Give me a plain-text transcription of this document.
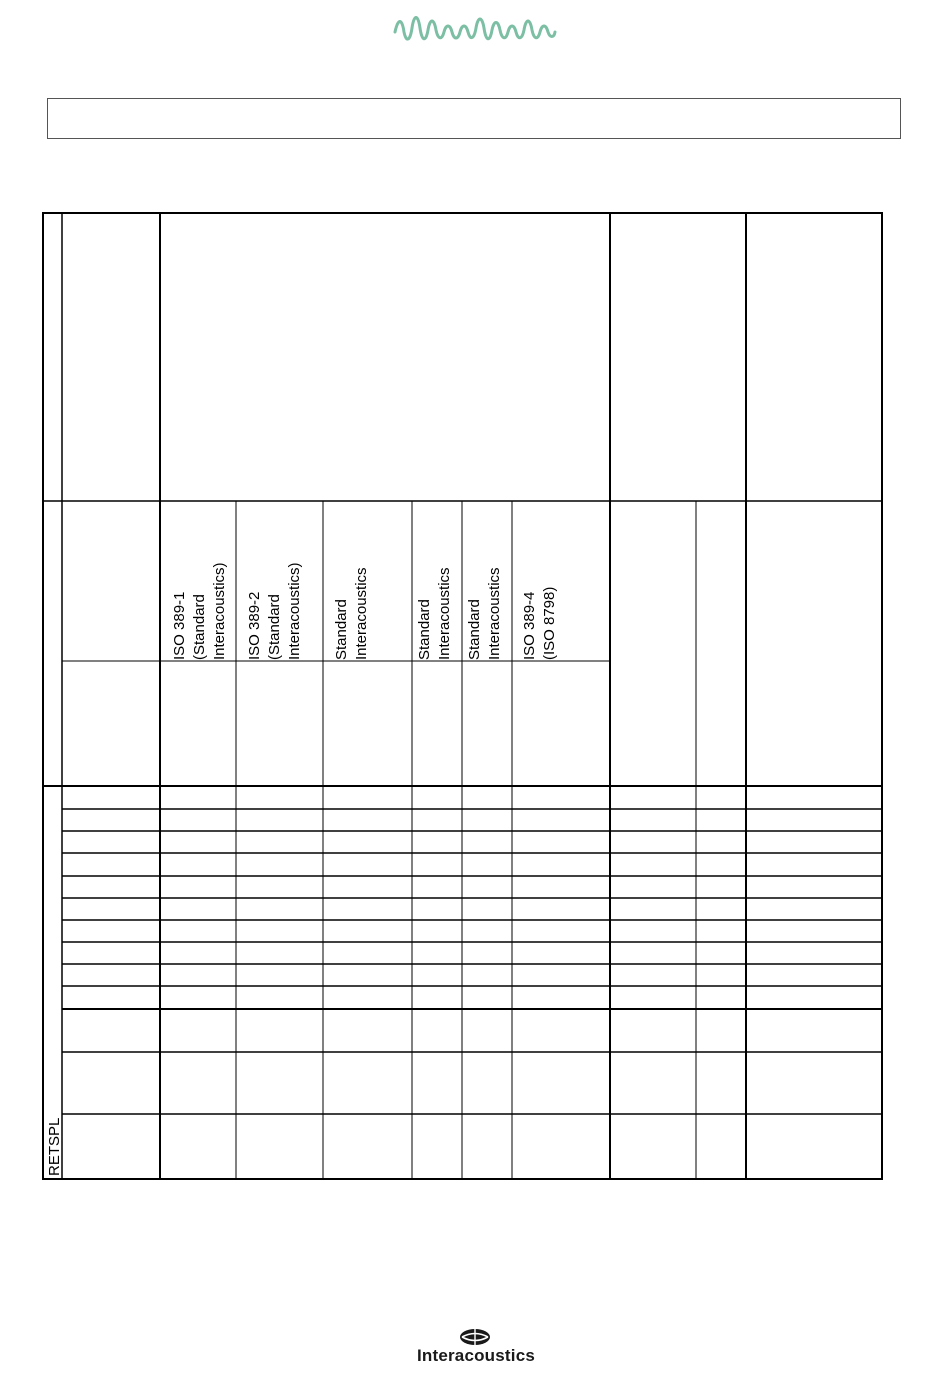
ISO 389-1 (Standard Interacoustics) ISO 389-2 (Standard Interacoustics) Standard Interacoustics	Standard Interacoustics Standard Interacoustics ISO 389-4 (ISO 8798)
RETSPL
Interacoustics
